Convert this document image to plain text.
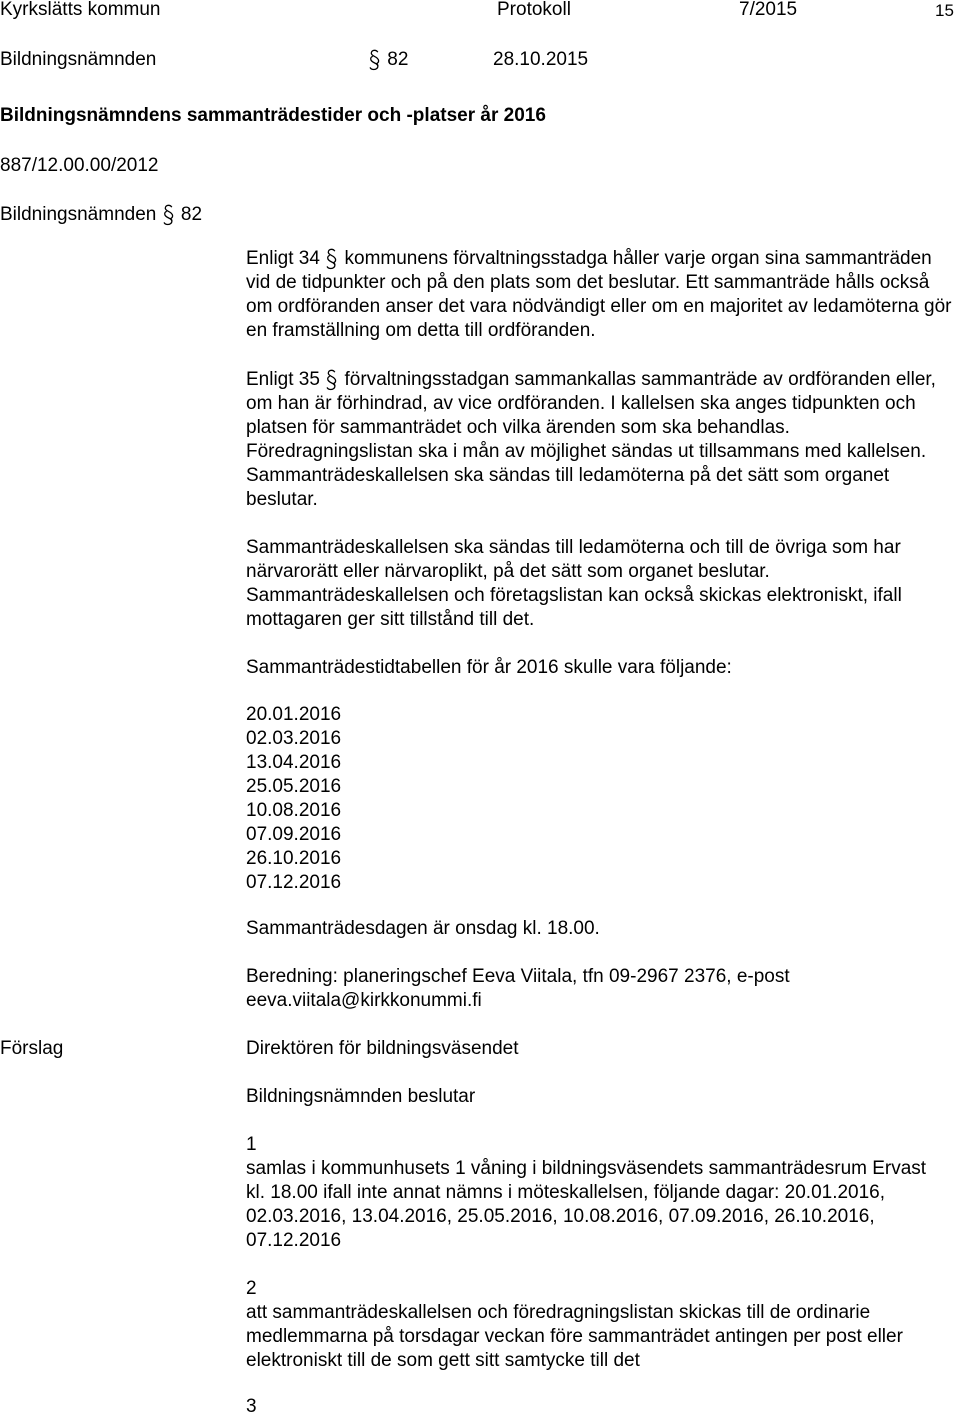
Kyrkslätts kommun	Protokoll	7/2015	15
Bildningsnämnden	82	28.10.2015
Bildningsnämndens sammanträdestider och -platser år 2016
887/12.00.00/2012
Bildningsnämnden 82
Enligt 34 kommunens förvaltningsstadga håller varje organ sina sammanträden vid de tidpunkter och på den plats som det beslutar. Ett sammanträde hålls också om ordföranden anser det vara nödvändigt eller om en majoritet av ledamöterna gör en framställning om detta till ordföranden.
Enligt 35 förvaltningsstadgan sammankallas sammanträde av ordföranden eller, om han är förhindrad, av vice ordföranden. I kallelsen ska anges tidpunkten och platsen för sammanträdet och vilka ärenden som ska behandlas. Föredragningslistan ska i mån av möjlighet sändas ut tillsammans med kallelsen. Sammanträdeskallelsen ska sändas till ledamöterna på det sätt som organet beslutar.
Sammanträdeskallelsen ska sändas till ledamöterna och till de övriga som har närvarorätt eller närvaroplikt, på det sätt som organet beslutar. Sammanträdeskallelsen och företagslistan kan också skickas elektroniskt, ifall mottagaren ger sitt tillstånd till det.
Sammanträdestidtabellen för år 2016 skulle vara följande:
20.01.2016
02.03.2016
13.04.2016
25.05.2016
10.08.2016
07.09.2016
26.10.2016
07.12.2016
Sammanträdesdagen är onsdag kl. 18.00.
Beredning: planeringschef Eeva Viitala, tfn 09-2967 2376, e-post eeva.viitala@kirkkonummi.fi
Förslag	Direktören för bildningsväsendet
Bildningsnämnden beslutar
1
samlas i kommunhusets 1 våning i bildningsväsendets sammanträdesrum Ervast kl. 18.00 ifall inte annat nämns i möteskallelsen, följande dagar: 20.01.2016, 02.03.2016, 13.04.2016, 25.05.2016, 10.08.2016, 07.09.2016, 26.10.2016, 07.12.2016
2
att sammanträdeskallelsen och föredragningslistan skickas till de ordinarie medlemmarna på torsdagar veckan före sammanträdet antingen per post eller elektroniskt till de som gett sitt samtycke till det
3
